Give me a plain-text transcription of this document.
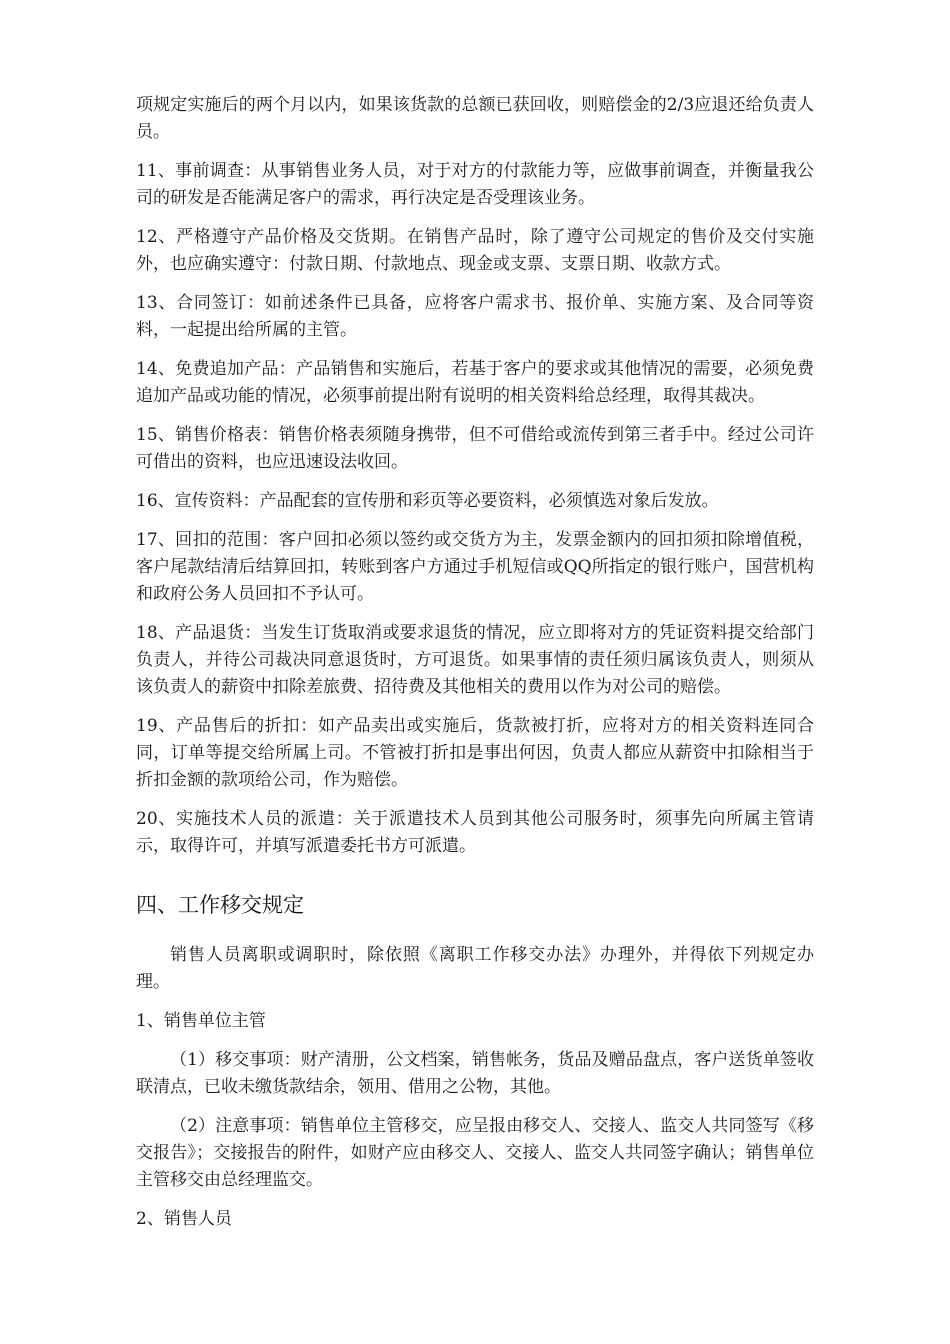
项规定实施后的两个月以内，如果该货款的总额已获回收，则赔偿金的2/3应退还给负责人员。

11、事前调查：从事销售业务人员，对于对方的付款能力等，应做事前调查，并衡量我公司的研发是否能满足客户的需求，再行决定是否受理该业务。

12、严格遵守产品价格及交货期。在销售产品时，除了遵守公司规定的售价及交付实施外，也应确实遵守：付款日期、付款地点、现金或支票、支票日期、收款方式。

13、合同签订：如前述条件已具备，应将客户需求书、报价单、实施方案、及合同等资料，一起提出给所属的主管。

14、免费追加产品：产品销售和实施后，若基于客户的要求或其他情况的需要，必须免费追加产品或功能的情况，必须事前提出附有说明的相关资料给总经理，取得其裁决。

15、销售价格表：销售价格表须随身携带，但不可借给或流传到第三者手中。经过公司许可借出的资料，也应迅速设法收回。

16、宣传资料：产品配套的宣传册和彩页等必要资料，必须慎选对象后发放。

17、回扣的范围：客户回扣必须以签约或交货方为主，发票金额内的回扣须扣除增值税，客户尾款结清后结算回扣，转账到客户方通过手机短信或QQ所指定的银行账户，国营机构和政府公务人员回扣不予认可。

18、产品退货：当发生订货取消或要求退货的情况，应立即将对方的凭证资料提交给部门负责人，并待公司裁决同意退货时，方可退货。如果事情的责任须归属该负责人，则须从该负责人的薪资中扣除差旅费、招待费及其他相关的费用以作为对公司的赔偿。

19、产品售后的折扣：如产品卖出或实施后，货款被打折，应将对方的相关资料连同合同，订单等提交给所属上司。不管被打折扣是事出何因，负责人都应从薪资中扣除相当于折扣金额的款项给公司，作为赔偿。

20、实施技术人员的派遣：关于派遣技术人员到其他公司服务时，须事先向所属主管请示，取得许可，并填写派遣委托书方可派遣。

四、工作移交规定

销售人员离职或调职时，除依照《离职工作移交办法》办理外，并得依下列规定办理。

1、销售单位主管

（1）移交事项：财产清册，公文档案，销售帐务，货品及赠品盘点，客户送货单签收联清点，已收未缴货款结余，领用、借用之公物，其他。

（2）注意事项：销售单位主管移交，应呈报由移交人、交接人、监交人共同签写《移交报告》；交接报告的附件，如财产应由移交人、交接人、监交人共同签字确认；销售单位主管移交由总经理监交。

2、销售人员
